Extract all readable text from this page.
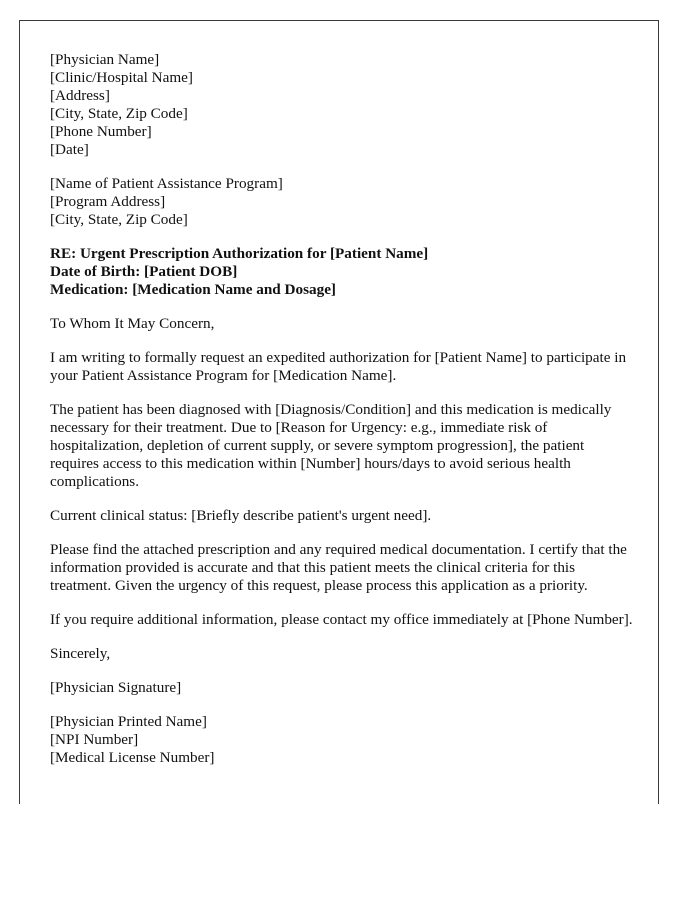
[Physician Name]
[Clinic/Hospital Name]
[Address]
[City, State, Zip Code]
[Phone Number]
[Date]
[Name of Patient Assistance Program]
[Program Address]
[City, State, Zip Code]
RE: Urgent Prescription Authorization for [Patient Name]
Date of Birth: [Patient DOB]
Medication: [Medication Name and Dosage]
To Whom It May Concern,
I am writing to formally request an expedited authorization for [Patient Name] to participate in your Patient Assistance Program for [Medication Name].
The patient has been diagnosed with [Diagnosis/Condition] and this medication is medically necessary for their treatment. Due to [Reason for Urgency: e.g., immediate risk of hospitalization, depletion of current supply, or severe symptom progression], the patient requires access to this medication within [Number] hours/days to avoid serious health complications.
Current clinical status: [Briefly describe patient's urgent need].
Please find the attached prescription and any required medical documentation. I certify that the information provided is accurate and that this patient meets the clinical criteria for this treatment. Given the urgency of this request, please process this application as a priority.
If you require additional information, please contact my office immediately at [Phone Number].
Sincerely,
[Physician Signature]
[Physician Printed Name]
[NPI Number]
[Medical License Number]
